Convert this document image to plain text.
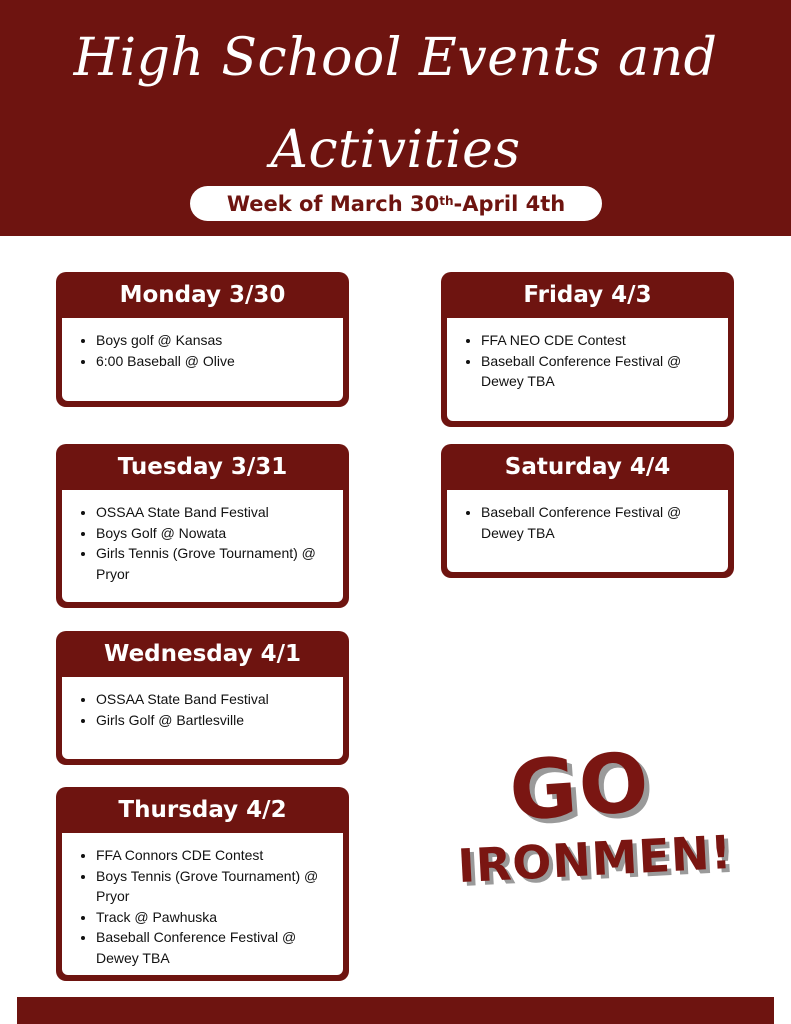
High School Events and
Activities
Week of March 30th -April 4th
Monday 3/30
• Boys golf @ Kansas
• 6:00 Baseball @ Olive
Tuesday 3/31
• OSSAA State Band Festival
• Boys Golf @ Nowata
• Girls Tennis (Grove Tournament) @ Pryor
Wednesday 4/1
• OSSAA State Band Festival
• Girls Golf @ Bartlesville
Thursday 4/2
• FFA Connors CDE Contest
• Boys Tennis (Grove Tournament) @ Pryor
• Track @ Pawhuska
• Baseball Conference Festival @ Dewey TBA
Friday 4/3
• FFA NEO CDE Contest
• Baseball Conference Festival @ Dewey TBA
Saturday 4/4
• Baseball Conference Festival @ Dewey TBA
GO
IRONMEN!
